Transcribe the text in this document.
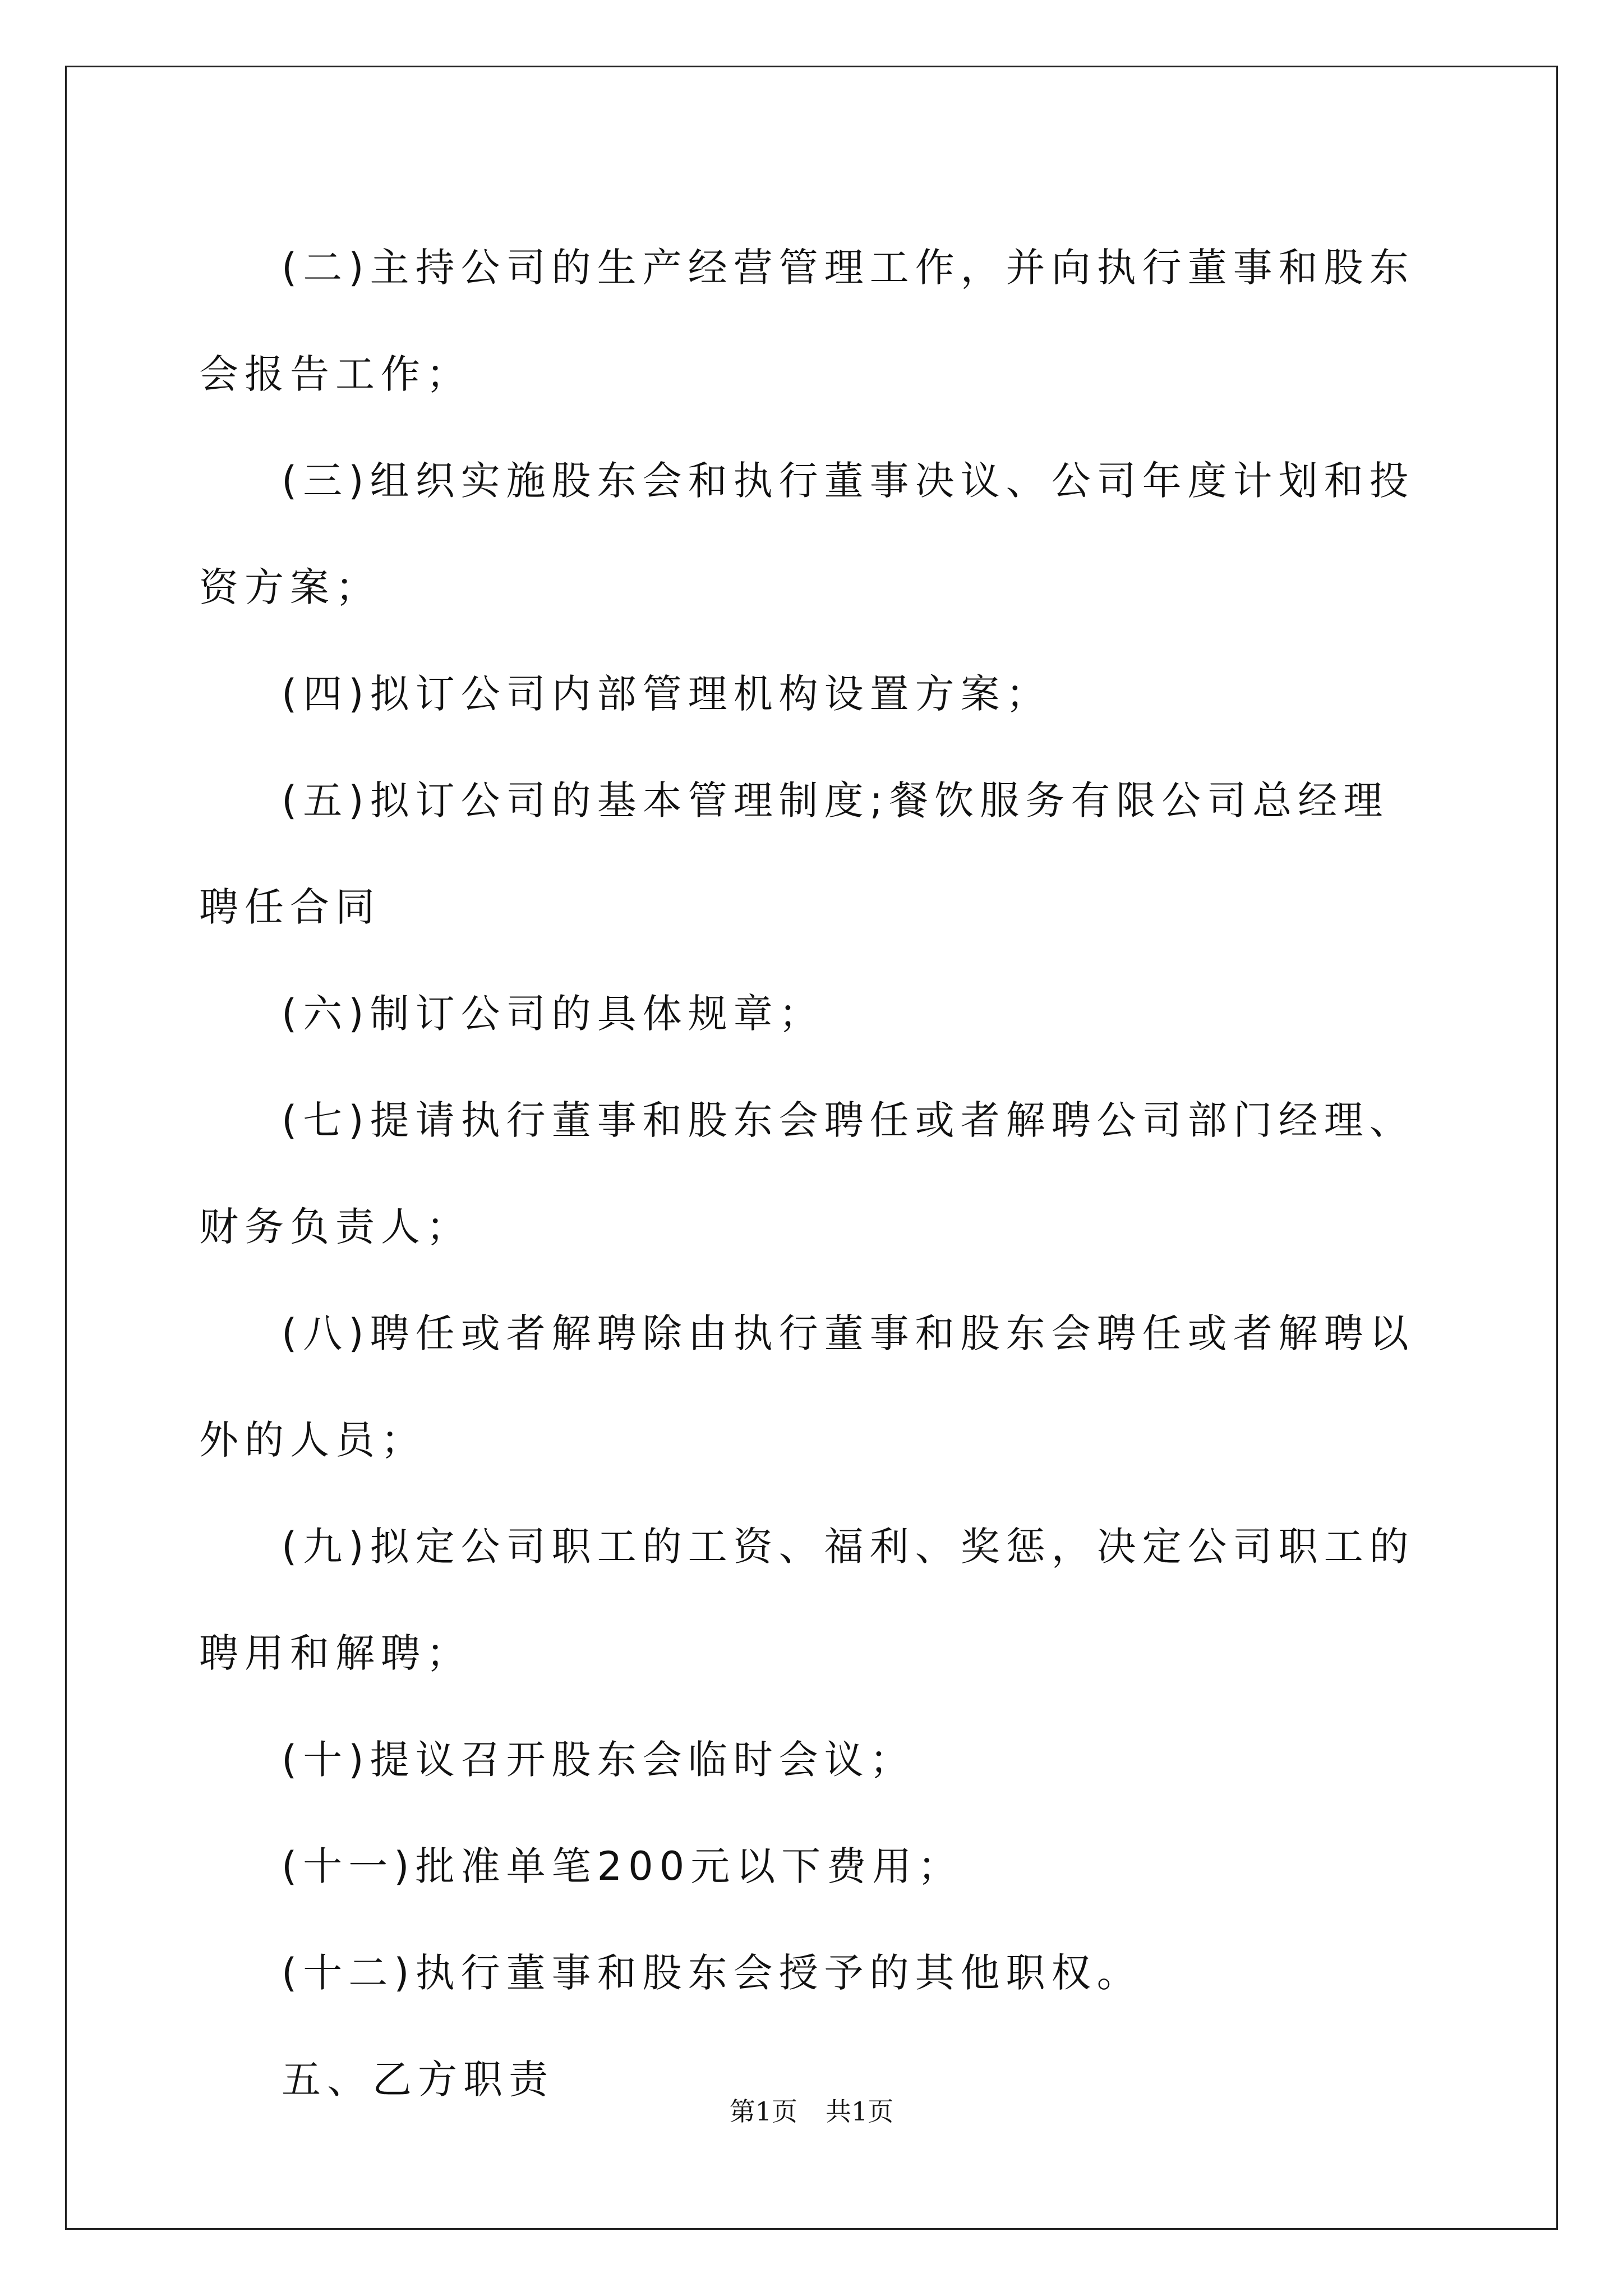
(二)主持公司的生产经营管理工作，并向执行董事和股东会报告工作；

(三)组织实施股东会和执行董事决议、公司年度计划和投资方案；

(四)拟订公司内部管理机构设置方案；

(五)拟订公司的基本管理制度;餐饮服务有限公司总经理聘任合同

(六)制订公司的具体规章；

(七)提请执行董事和股东会聘任或者解聘公司部门经理、财务负责人；

(八)聘任或者解聘除由执行董事和股东会聘任或者解聘以外的人员；

(九)拟定公司职工的工资、福利、奖惩，决定公司职工的聘用和解聘；

(十)提议召开股东会临时会议；

(十一)批准单笔200元以下费用；

(十二)执行董事和股东会授予的其他职权。

五、乙方职责

第1页 共1页
